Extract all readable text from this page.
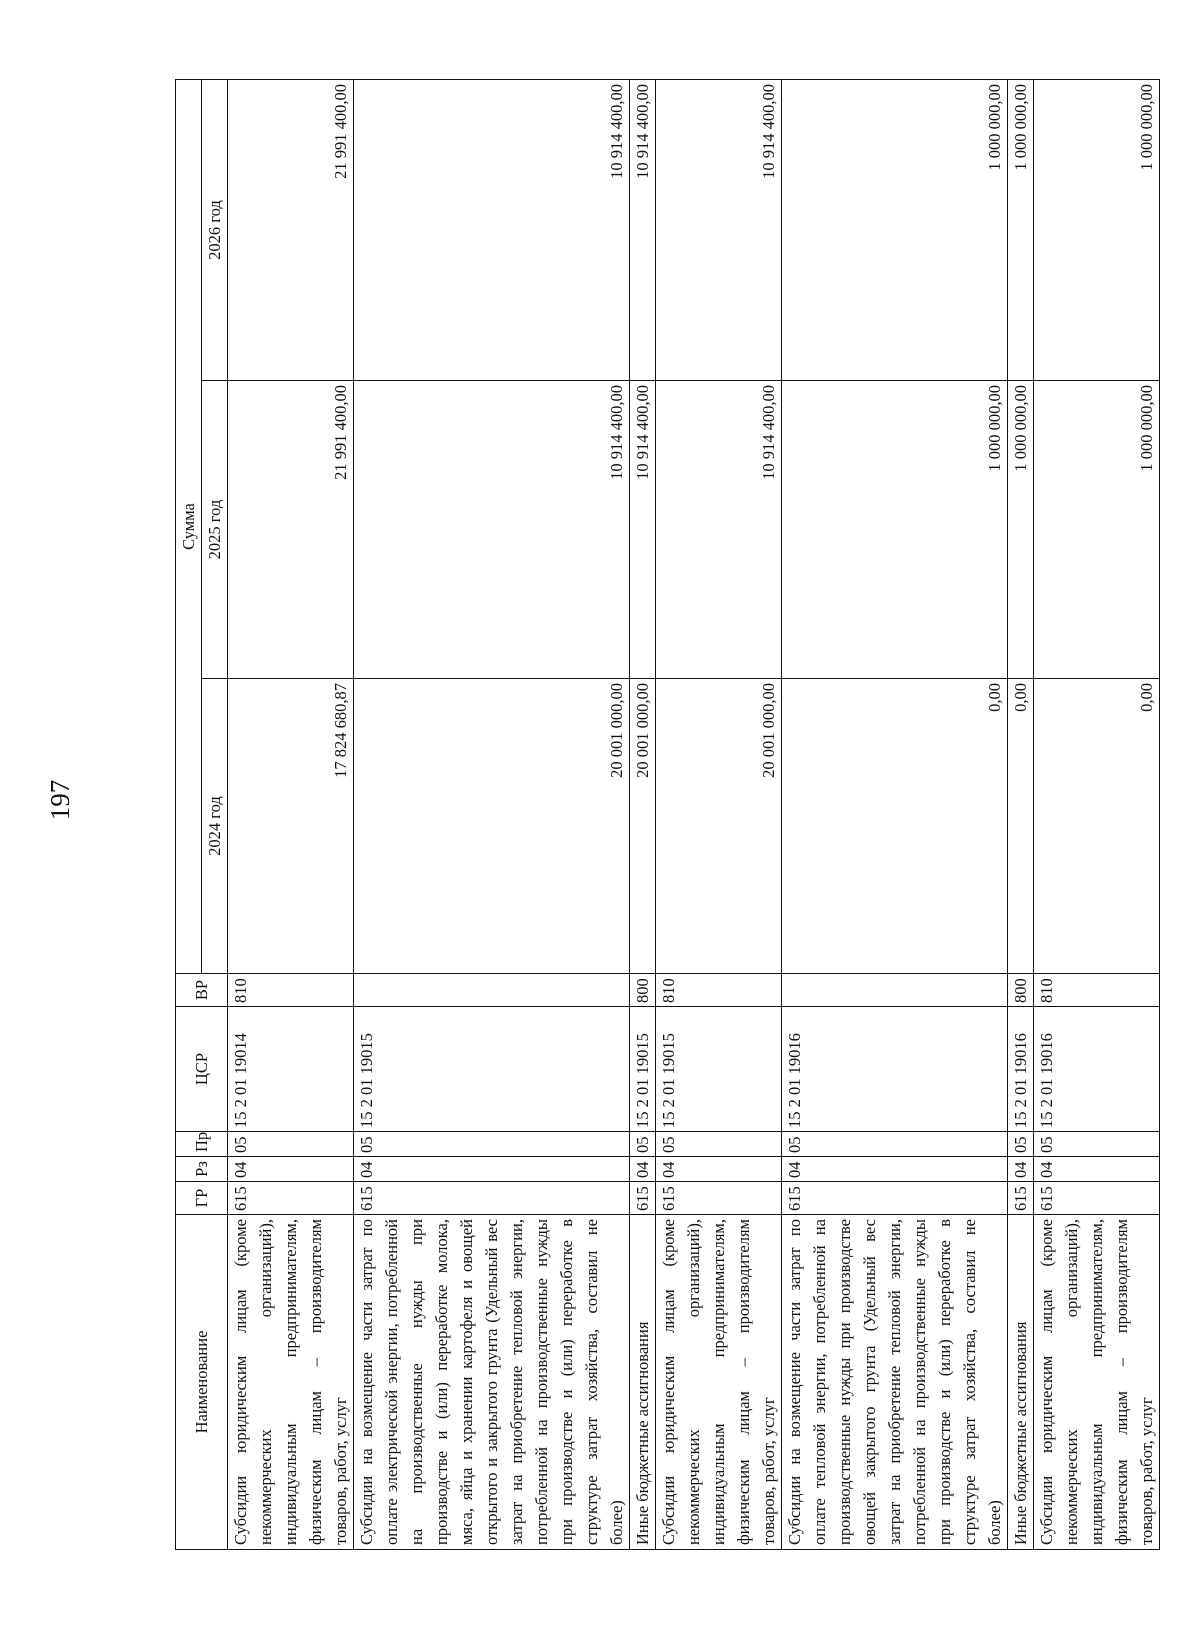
197
Наименование	ГР	Рз	Пр	ЦСР	ВР	Сумма		
						2024 год	2025 год	2026 год
Субсидии юридическим лицам (кроме некоммерческих организаций), индивидуальным предпринимателям, физическим лицам – производителям товаров, работ, услуг	615	04	05	15 2 01 19014	810	17 824 680,87	21 991 400,00	21 991 400,00
Субсидии на возмещение части затрат по оплате электрической энергии, потребленной на производственные нужды при производстве и (или) переработке молока, мяса, яйца и хранении картофеля и овощей открытого и закрытого грунта (Удельный вес затрат на приобретение тепловой энергии, потребленной на производственные нужды при производстве и (или) переработке в структуре затрат хозяйства, составил не более)	615	04	05	15 2 01 19015		20 001 000,00	10 914 400,00	10 914 400,00
Иные бюджетные ассигнования	615	04	05	15 2 01 19015	800	20 001 000,00	10 914 400,00	10 914 400,00
Субсидии юридическим лицам (кроме некоммерческих организаций), индивидуальным предпринимателям, физическим лицам – производителям товаров, работ, услуг	615	04	05	15 2 01 19015	810	20 001 000,00	10 914 400,00	10 914 400,00
Субсидии на возмещение части затрат по оплате тепловой энергии, потребленной на производственные нужды при производстве овощей закрытого грунта (Удельный вес затрат на приобретение тепловой энергии, потребленной на производственные нужды при производстве и (или) переработке в структуре затрат хозяйства, составил не более)	615	04	05	15 2 01 19016		0,00	1 000 000,00	1 000 000,00
Иные бюджетные ассигнования	615	04	05	15 2 01 19016	800	0,00	1 000 000,00	1 000 000,00
Субсидии юридическим лицам (кроме некоммерческих организаций), индивидуальным предпринимателям, физическим лицам – производителям товаров, работ, услуг	615	04	05	15 2 01 19016	810	0,00	1 000 000,00	1 000 000,00
